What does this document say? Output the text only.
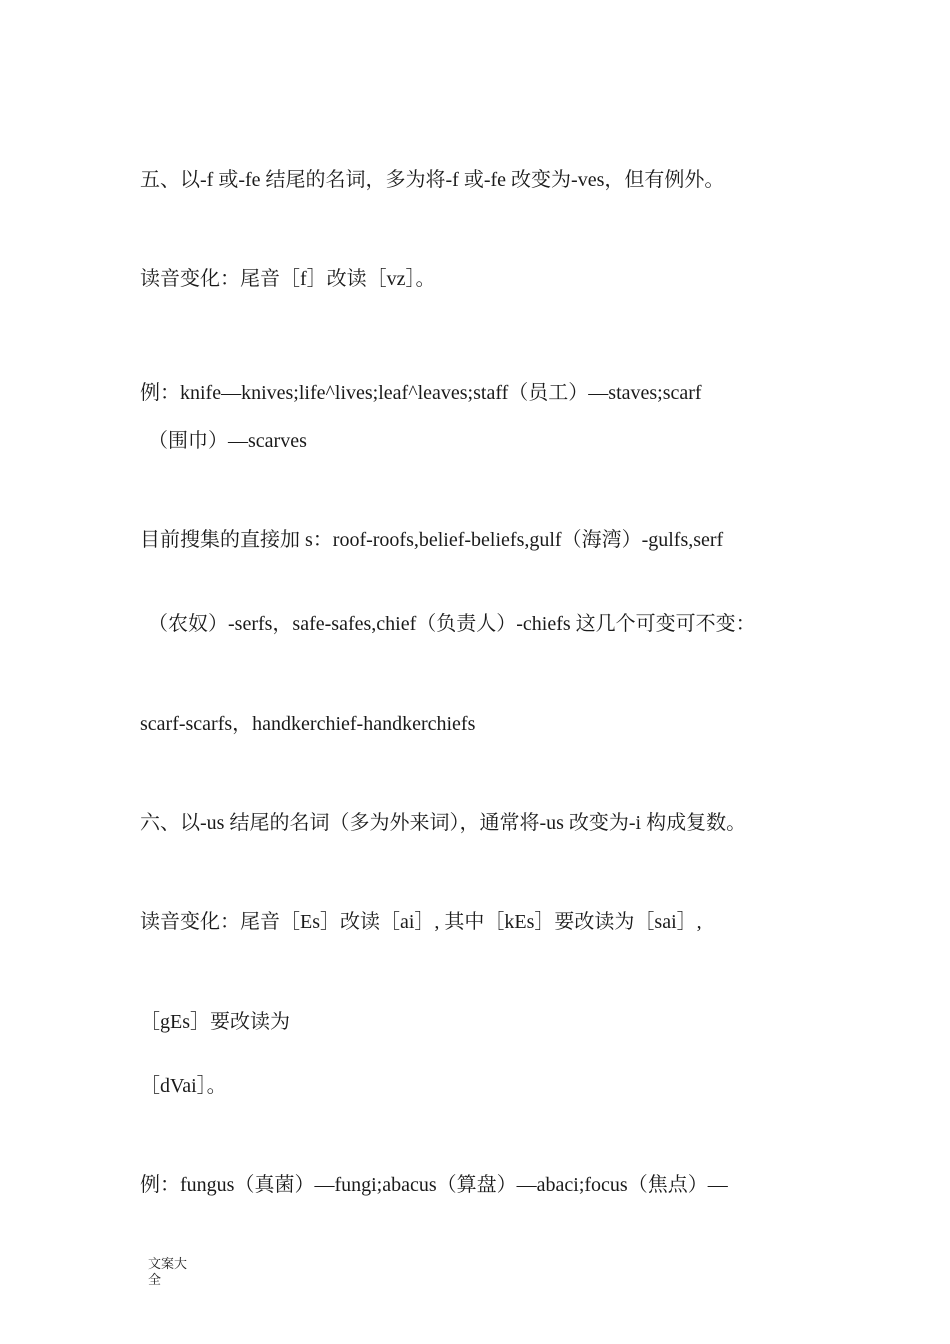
五、以-f 或-fe 结尾的名词，多为将-f 或-fe 改变为-ves，但有例外。

读音变化：尾音［f］改读［vz］。

例：knife—knives;life^lives;leaf^leaves;staff（员工）—staves;scarf

（围巾）—scarves

目前搜集的直接加 s：roof-roofs,belief-beliefs,gulf（海湾）-gulfs,serf

（农奴）-serfs，safe-safes,chief（负责人）-chiefs 这几个可变可不变：

scarf-scarfs，handkerchief-handkerchiefs

六、以-us 结尾的名词（多为外来词），通常将-us 改变为-i 构成复数。

读音变化：尾音［Es］改读［ai］, 其中［kEs］要改读为［sai］,

［gEs］要改读为

［dVai］。

例：fungus（真菌）—fungi;abacus（算盘）—abaci;focus（焦点）—

文案大
全
